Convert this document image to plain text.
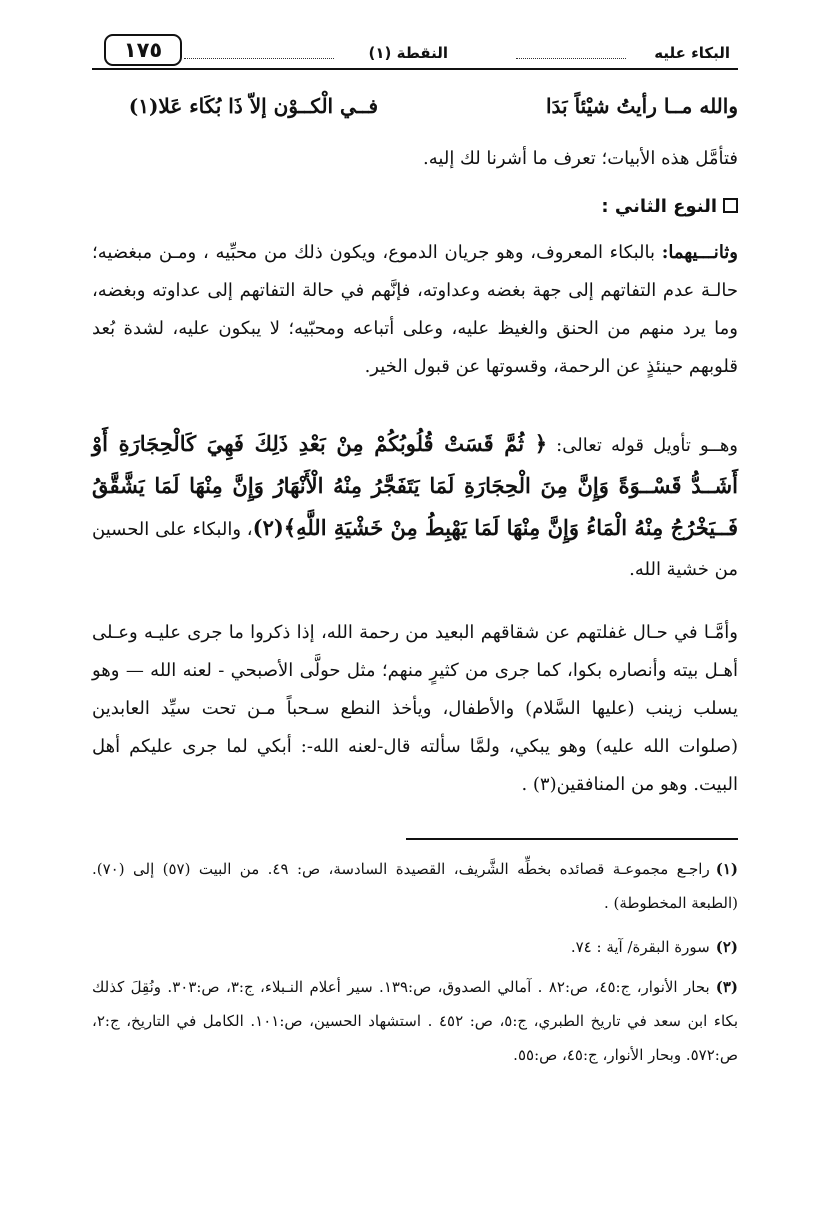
البكاء عليه
النقطة (١)
١٧٥
والله مــا رأيتُ شيْئاً بَدَا
فــي الْكــوْن إلاّ ذَا بُكَاء عَلا(١)
فتأمَّل هذه الأبيات؛ تعرف ما أشرنا لك إليه.
النوع الثاني :
وثانـــيهما: بالبكاء المعروف، وهو جريان الدموع، ويكون ذلك من محبِّيه ، ومـن مبغضيه؛ حالـة عدم التفاتهم إلى جهة بغضه وعداوته، فإنَّهم في حالة التفاتهم إلى عداوته وبغضه، وما يرد منهم من الحنق والغيظ عليه، وعلى أتباعه ومحبّيه؛ لا يبكون عليه، لشدة بُعد قلوبهم حينئذٍ عن الرحمة، وقسوتها عن قبول الخير.
وهــو تأويل قوله تعالى: ﴿ ثُمَّ قَسَتْ قُلُوبُكُمْ مِنْ بَعْدِ ذَلِكَ فَهِيَ كَالْحِجَارَةِ أَوْ أَشَــدُّ قَسْــوَةً وَإِنَّ مِنَ الْحِجَارَةِ لَمَا يَتَفَجَّرُ مِنْهُ الْأَنْهَارُ وَإِنَّ مِنْهَا لَمَا يَشَّقَّقُ فَــيَخْرُجُ مِنْهُ الْمَاءُ وَإِنَّ مِنْهَا لَمَا يَهْبِطُ مِنْ خَشْيَةِ اللَّهِ﴾(٢)، والبكاء على الحسين من خشية الله.
وأمَّـا في حـال غفلتهم عن شقاقهم البعيد من رحمة الله، إذا ذكروا ما جرى عليـه وعـلى أهـل بيته وأنصاره بكوا، كما جرى من كثيرٍ منهم؛ مثل حولَّى الأصبحي - لعنه الله — وهو يسلب زينب (عليها السَّلام) والأطفال، ويأخذ النطع سـحباً مـن تحت سيِّد العابدين (صلوات الله عليه) وهو يبكي، ولمَّا سألته قال-لعنه الله-: أبكي لما جرى عليكم أهل البيت. وهو من المنافقين(٣) .
(١)راجـع مجموعـة قصائده بخطِّه الشَّريف، القصيدة السادسة، ص: ٤٩. من البيت (٥٧) إلى (٧٠). (الطبعة المخطوطة) .
(٢)سورة البقرة/ آية : ٧٤.
(٣)بحار الأنوار، ج:٤٥، ص:٨٢ . آمالي الصدوق، ص:١٣٩. سير أعلام النـبلاء، ج:٣، ص:٣٠٣. ونُقِلَ كذلك بكاء ابن سعد في تاريخ الطبري، ج:٥، ص: ٤٥٢ . استشهاد الحسين، ص:١٠١. الكامل في التاريخ، ج:٢، ص:٥٧٢. وبحار الأنوار، ج:٤٥، ص:٥٥.
